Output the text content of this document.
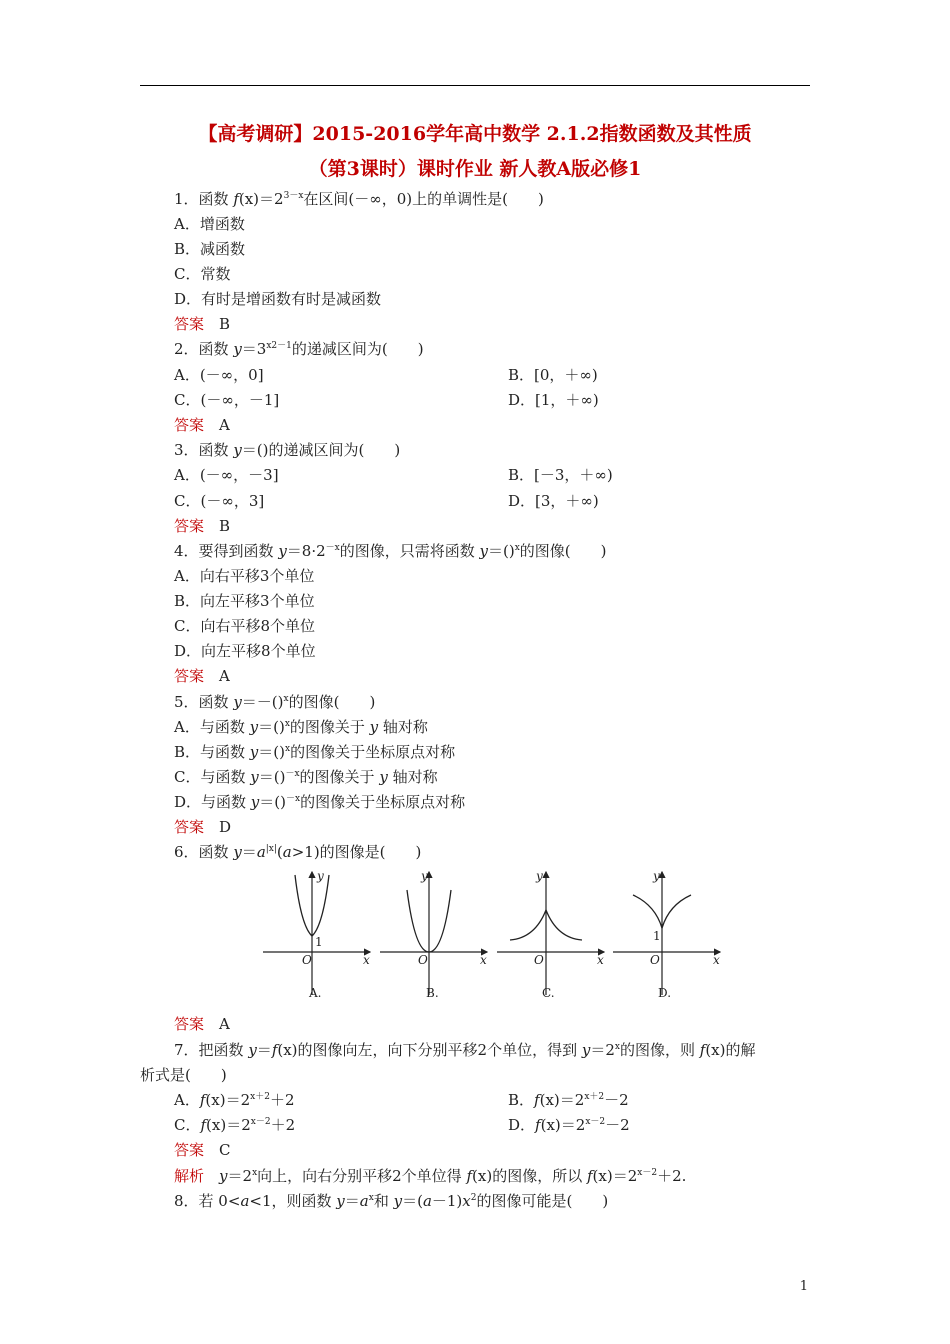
【高考调研】2015-2016学年高中数学 2.1.2指数函数及其性质
（第3课时）课时作业 新人教A版必修1
1．函数 $f(x)=2^{3-x}$在区间(－∞，0)上的单调性是(　　)
A．增函数
B．减函数
C．常数
D．有时是增函数有时是减函数
答案　 B
2．函数 $y=3^{x2-1}$的递减区间为(　　)
A．(－∞，0]	B．[0，＋∞)
C．(－∞，－1]	D．[1，＋∞)
答案　 A
3．函数 y＝()的递减区间为(　　)
A．(－∞，－3]	B．[－3，＋∞)
C．(－∞，3]	D．[3，＋∞)
答案　 B
4．要得到函数 $y=8\cdot 2^{-x}$的图像，只需将函数 y＝()$^x$的图像(　　)
A．向右平移3个单位
B．向左平移3个单位
C．向右平移8个单位
D．向左平移8个单位
答案　 A
5．函数 y＝－()$^x$的图像(　　)
A．与函数 y＝()$^x$的图像关于 y 轴对称
B．与函数 y＝()$^x$的图像关于坐标原点对称
C．与函数 y＝()$^{-x}$的图像关于 y 轴对称
D．与函数 y＝()$^{-x}$的图像关于坐标原点对称
答案　 D
6．函数 $y=a^{|x|}(a>1)$的图像是(　　)
y
x
O
1
A.
y
x
O
B.
y
x
O
C.
y
x
O
1
D.
答案　 A
7．把函数 y＝f(x)的图像向左，向下分别平移2个单位，得到 $y=2^x$的图像，则 f(x)的解
析式是(　　)
A．$f(x)=2^{x+2}+2$	B．$f(x)=2^{x+2}-2$
C．$f(x)=2^{x-2}+2$	D．$f(x)=2^{x-2}-2$
答案　 C
解析　 $y=2^x$向上，向右分别平移2个单位得 f(x)的图像，所以 $f(x)=2^{x-2}+2$.
8．若 0<a<1，则函数 $y=a^x$和 $y=(a-1)x^2$的图像可能是(　　)
1
